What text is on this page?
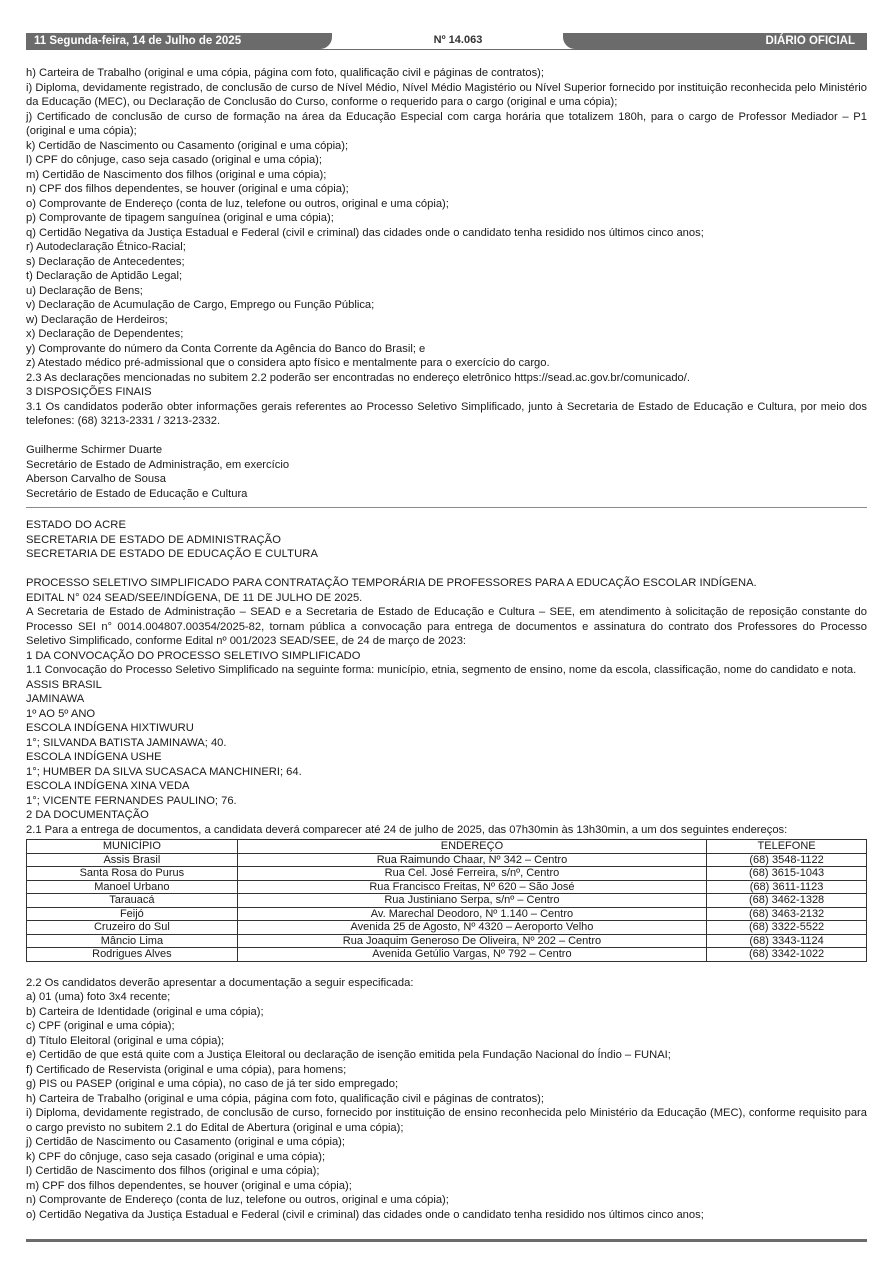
11 Segunda-feira, 14 de Julho de 2025	Nº 14.063	DIÁRIO OFICIAL

h) Carteira de Trabalho (original e uma cópia, página com foto, qualificação civil e páginas de contratos);

i) Diploma, devidamente registrado, de conclusão de curso de Nível Médio, Nível Médio Magistério ou Nível Superior fornecido por instituição reconhecida pelo Ministério da Educação (MEC), ou Declaração de Conclusão do Curso, conforme o requerido para o cargo (original e uma cópia);

j) Certificado de conclusão de curso de formação na área da Educação Especial com carga horária que totalizem 180h, para o cargo de Professor Mediador – P1 (original e uma cópia);

k) Certidão de Nascimento ou Casamento (original e uma cópia);

l) CPF do cônjuge, caso seja casado (original e uma cópia);

m) Certidão de Nascimento dos filhos (original e uma cópia);

n) CPF dos filhos dependentes, se houver (original e uma cópia);

o) Comprovante de Endereço (conta de luz, telefone ou outros, original e uma cópia);

p) Comprovante de tipagem sanguínea (original e uma cópia);

q) Certidão Negativa da Justiça Estadual e Federal (civil e criminal) das cidades onde o candidato tenha residido nos últimos cinco anos;

r) Autodeclaração Étnico-Racial;

s) Declaração de Antecedentes;

t) Declaração de Aptidão Legal;

u) Declaração de Bens;

v) Declaração de Acumulação de Cargo, Emprego ou Função Pública;

w) Declaração de Herdeiros;

x) Declaração de Dependentes;

y) Comprovante do número da Conta Corrente da Agência do Banco do Brasil; e

z) Atestado médico pré-admissional que o considera apto físico e mentalmente para o exercício do cargo.

2.3 As declarações mencionadas no subitem 2.2 poderão ser encontradas no endereço eletrônico https://sead.ac.gov.br/comunicado/.

3 DISPOSIÇÕES FINAIS

3.1 Os candidatos poderão obter informações gerais referentes ao Processo Seletivo Simplificado, junto à Secretaria de Estado de Educação e Cultura, por meio dos telefones: (68) 3213-2331 / 3213-2332.

Guilherme Schirmer Duarte

Secretário de Estado de Administração, em exercício

Aberson Carvalho de Sousa

Secretário de Estado de Educação e Cultura

ESTADO DO ACRE

SECRETARIA DE ESTADO DE ADMINISTRAÇÃO

SECRETARIA DE ESTADO DE EDUCAÇÃO E CULTURA

PROCESSO SELETIVO SIMPLIFICADO PARA CONTRATAÇÃO TEMPORÁRIA DE PROFESSORES PARA A EDUCAÇÃO ESCOLAR INDÍGENA.

EDITAL N° 024 SEAD/SEE/INDÍGENA, DE 11 DE JULHO DE 2025.

A Secretaria de Estado de Administração – SEAD e a Secretaria de Estado de Educação e Cultura – SEE, em atendimento à solicitação de reposição constante do Processo SEI n° 0014.004807.00354/2025-82, tornam pública a convocação para entrega de documentos e assinatura do contrato dos Professores do Processo Seletivo Simplificado, conforme Edital nº 001/2023 SEAD/SEE, de 24 de março de 2023:

1 DA CONVOCAÇÃO DO PROCESSO SELETIVO SIMPLIFICADO

1.1 Convocação do Processo Seletivo Simplificado na seguinte forma: município, etnia, segmento de ensino, nome da escola, classificação, nome do candidato e nota.

ASSIS BRASIL

JAMINAWA

1º AO 5º ANO

ESCOLA INDÍGENA HIXTIWURU

1°; SILVANDA BATISTA JAMINAWA; 40.

ESCOLA INDÍGENA USHE

1°; HUMBER DA SILVA SUCASACA MANCHINERI; 64.

ESCOLA INDÍGENA XINA VEDA

1°; VICENTE FERNANDES PAULINO; 76.

2 DA DOCUMENTAÇÃO

2.1 Para a entrega de documentos, a candidata deverá comparecer até 24 de julho de 2025, das 07h30min às 13h30min, a um dos seguintes endereços:

MUNICÍPIO	ENDEREÇO	TELEFONE
Assis Brasil	Rua Raimundo Chaar, Nº 342 – Centro	(68) 3548-1122
Santa Rosa do Purus	Rua Cel. José Ferreira, s/nº, Centro	(68) 3615-1043
Manoel Urbano	Rua Francisco Freitas, Nº 620 – São José	(68) 3611-1123
Tarauacá	Rua Justiniano Serpa, s/nº – Centro	(68) 3462-1328
Feijó	Av. Marechal Deodoro, Nº 1.140 – Centro	(68) 3463-2132
Cruzeiro do Sul	Avenida 25 de Agosto, Nº 4320 – Aeroporto Velho	(68) 3322-5522
Mâncio Lima	Rua Joaquim Generoso De Oliveira, Nº 202 – Centro	(68) 3343-1124
Rodrigues Alves	Avenida Getúlio Vargas, Nº 792 – Centro	(68) 3342-1022

2.2 Os candidatos deverão apresentar a documentação a seguir especificada:

a) 01 (uma) foto 3x4 recente;

b) Carteira de Identidade (original e uma cópia);

c) CPF (original e uma cópia);

d) Título Eleitoral (original e uma cópia);

e) Certidão de que está quite com a Justiça Eleitoral ou declaração de isenção emitida pela Fundação Nacional do Índio – FUNAI;

f) Certificado de Reservista (original e uma cópia), para homens;

g) PIS ou PASEP (original e uma cópia), no caso de já ter sido empregado;

h) Carteira de Trabalho (original e uma cópia, página com foto, qualificação civil e páginas de contratos);

i) Diploma, devidamente registrado, de conclusão de curso, fornecido por instituição de ensino reconhecida pelo Ministério da Educação (MEC), conforme requisito para o cargo previsto no subitem 2.1 do Edital de Abertura (original e uma cópia);

j) Certidão de Nascimento ou Casamento (original e uma cópia);

k) CPF do cônjuge, caso seja casado (original e uma cópia);

l) Certidão de Nascimento dos filhos (original e uma cópia);

m) CPF dos filhos dependentes, se houver (original e uma cópia);

n) Comprovante de Endereço (conta de luz, telefone ou outros, original e uma cópia);

o) Certidão Negativa da Justiça Estadual e Federal (civil e criminal) das cidades onde o candidato tenha residido nos últimos cinco anos;
